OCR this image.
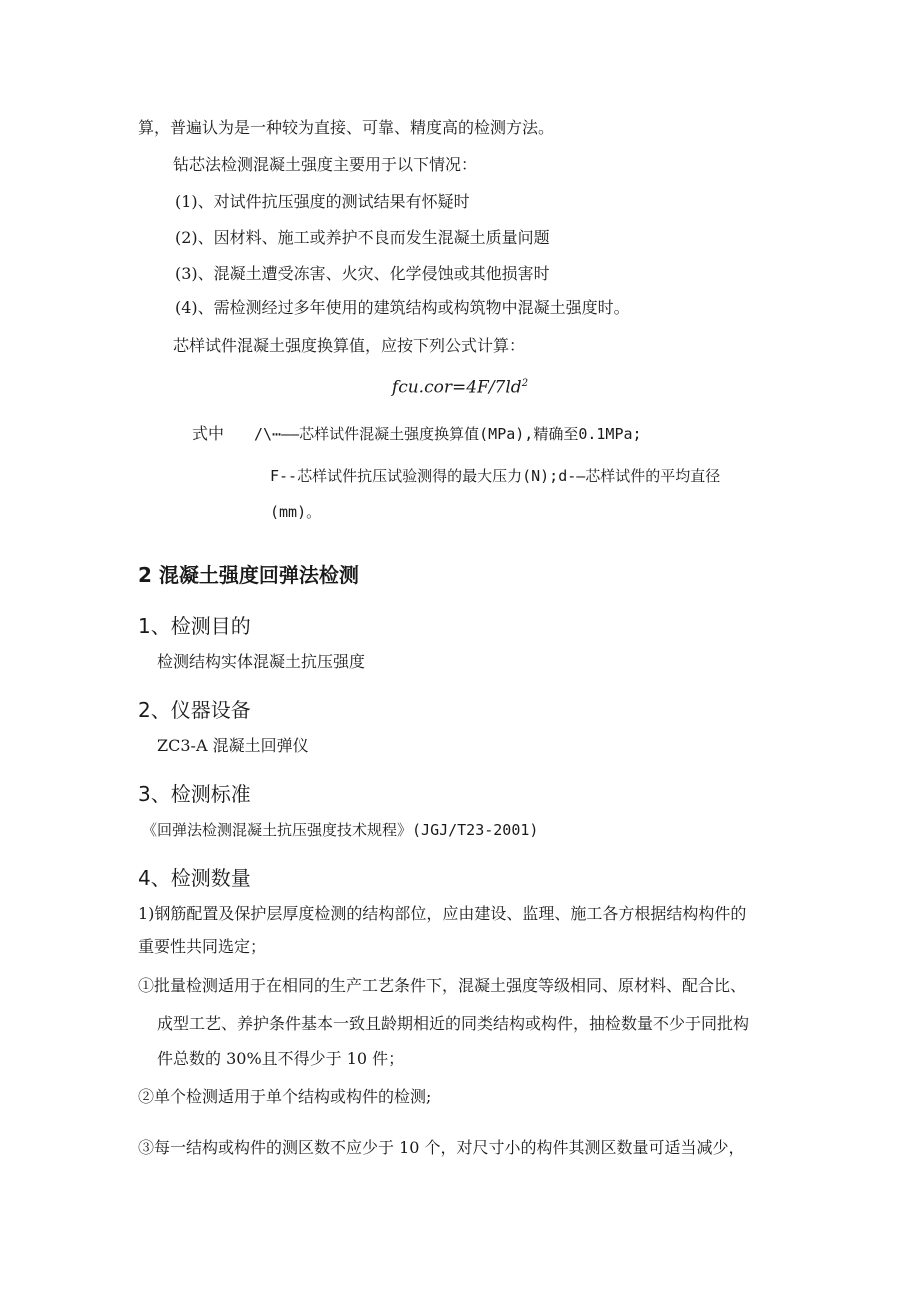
算，普遍认为是一种较为直接、可靠、精度高的检测方法。
钻芯法检测混凝土强度主要用于以下情况：
(1)、对试件抗压强度的测试结果有怀疑时
(2)、因材料、施工或养护不良而发生混凝土质量问题
(3)、混凝土遭受冻害、火灾、化学侵蚀或其他损害时
(4)、需检测经过多年使用的建筑结构或构筑物中混凝土强度时。
芯样试件混凝土强度换算值，应按下列公式计算：
$fcu.cor=4F/7ld^2$
式中 /\⋯——芯样试件混凝土强度换算值(MPa),精确至0.1MPa;
F--芯样试件抗压试验测得的最大压力(N);d-—芯样试件的平均直径
(mm)。
2 混凝土强度回弹法检测
1、检测目的
检测结构实体混凝土抗压强度
2、仪器设备
ZC3-A 混凝土回弹仪
3、检测标准
《回弹法检测混凝土抗压强度技术规程》(JGJ/T23-2001)
4、检测数量
1)钢筋配置及保护层厚度检测的结构部位，应由建设、监理、施工各方根据结构构件的
重要性共同选定；
①批量检测适用于在相同的生产工艺条件下，混凝土强度等级相同、原材料、配合比、
成型工艺、养护条件基本一致且龄期相近的同类结构或构件，抽检数量不少于同批构
件总数的 30%且不得少于 10 件；
②单个检测适用于单个结构或构件的检测;
③每一结构或构件的测区数不应少于 10 个，对尺寸小的构件其测区数量可适当减少，
